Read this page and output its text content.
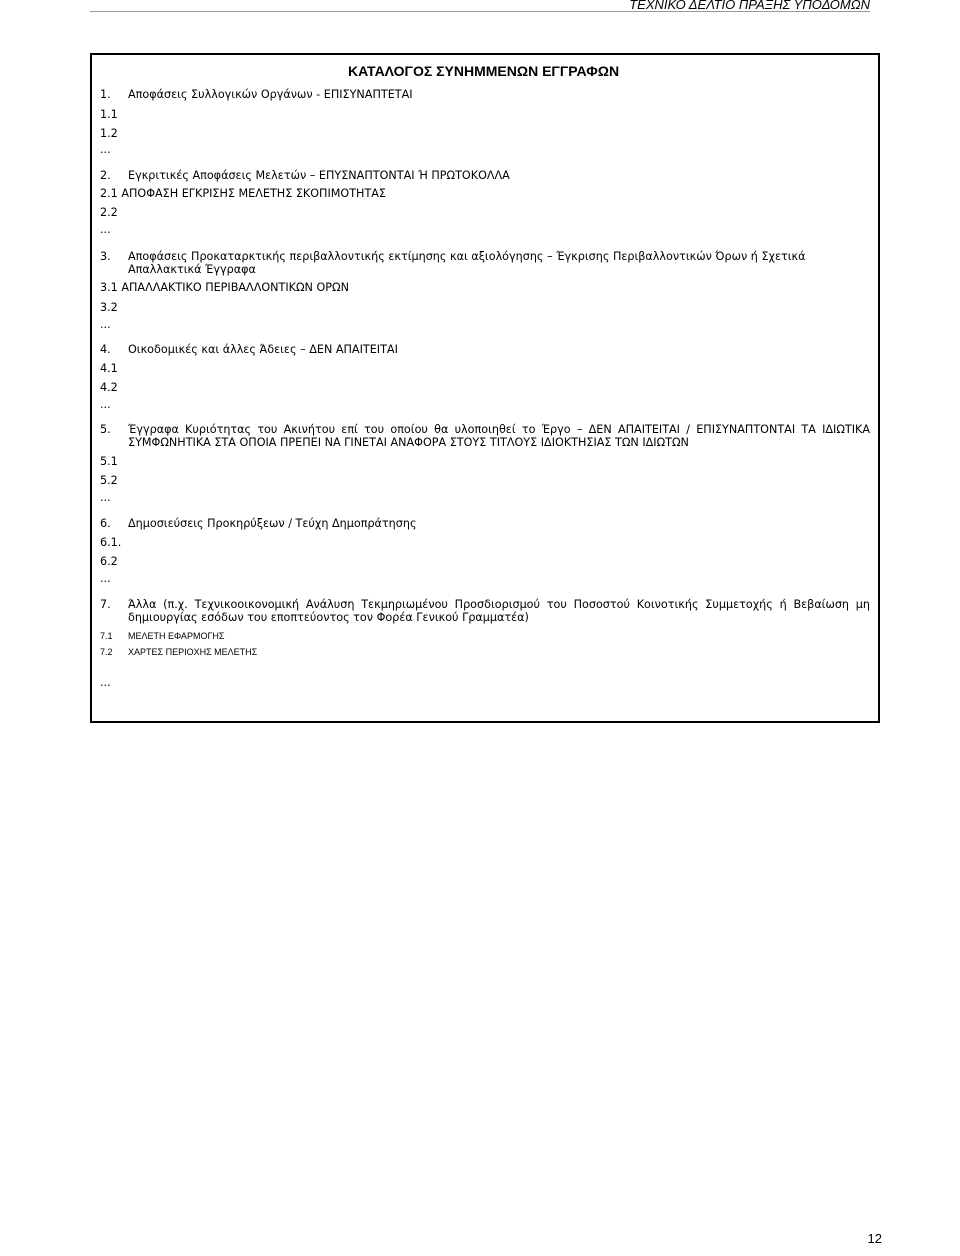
ΤΕΧΝΙΚΟ ΔΕΛΤΙΟ ΠΡΑΞΗΣ ΥΠΟΔΟΜΩΝ
ΚΑΤΑΛΟΓΟΣ ΣΥΝΗΜΜΕΝΩΝ ΕΓΓΡΑΦΩΝ
1. Αποφάσεις Συλλογικών Οργάνων - ΕΠΙΣΥΝΑΠΤΕΤΑΙ
1.1
1.2
...
2. Εγκριτικές Αποφάσεις Μελετών – ΕΠΥΣΝΑΠΤΟΝΤΑΙ Ή ΠΡΩΤΟΚΟΛΛΑ
2.1 ΑΠΟΦΑΣΗ ΕΓΚΡΙΣΗΣ ΜΕΛΕΤΗΣ ΣΚΟΠΙΜΟΤΗΤΑΣ
2.2
...
3. Αποφάσεις Προκαταρκτικής περιβαλλοντικής εκτίμησης και αξιολόγησης – Έγκρισης Περιβαλλοντικών Όρων ή Σχετικά Απαλλακτικά Έγγραφα
3.1 ΑΠΑΛΛΑΚΤΙΚΟ ΠΕΡΙΒΑΛΛΟΝΤΙΚΩΝ ΟΡΩΝ
3.2
...
4. Οικοδομικές και άλλες Άδειες – ΔΕΝ ΑΠΑΙΤΕΙΤΑΙ
4.1
4.2
...
5. Έγγραφα Κυριότητας του Ακινήτου επί του οποίου θα υλοποιηθεί το Έργο – ΔΕΝ ΑΠΑΙΤΕΙΤΑΙ / ΕΠΙΣΥΝΑΠΤΟΝΤΑΙ ΤΑ ΙΔΙΩΤΙΚΑ ΣΥΜΦΩΝΗΤΙΚΑ ΣΤΑ ΟΠΟΙΑ ΠΡΕΠΕΙ ΝΑ ΓΙΝΕΤΑΙ ΑΝΑΦΟΡΑ ΣΤΟΥΣ ΤΙΤΛΟΥΣ ΙΔΙΟΚΤΗΣΙΑΣ ΤΩΝ ΙΔΙΩΤΩΝ
5.1
5.2
...
6. Δημοσιεύσεις Προκηρύξεων / Τεύχη Δημοπράτησης
6.1.
6.2
...
7. Άλλα (π.χ. Τεχνικοοικονομική Ανάλυση Τεκμηριωμένου Προσδιορισμού του Ποσοστού Κοινοτικής Συμμετοχής ή Βεβαίωση μη δημιουργίας εσόδων του εποπτεύοντος τον Φορέα Γενικού Γραμματέα)
7.1 ΜΕΛΕΤΗ ΕΦΑΡΜΟΓΗΣ
7.2 ΧΑΡΤΕΣ ΠΕΡΙΟΧΗΣ ΜΕΛΕΤΗΣ
...
12
